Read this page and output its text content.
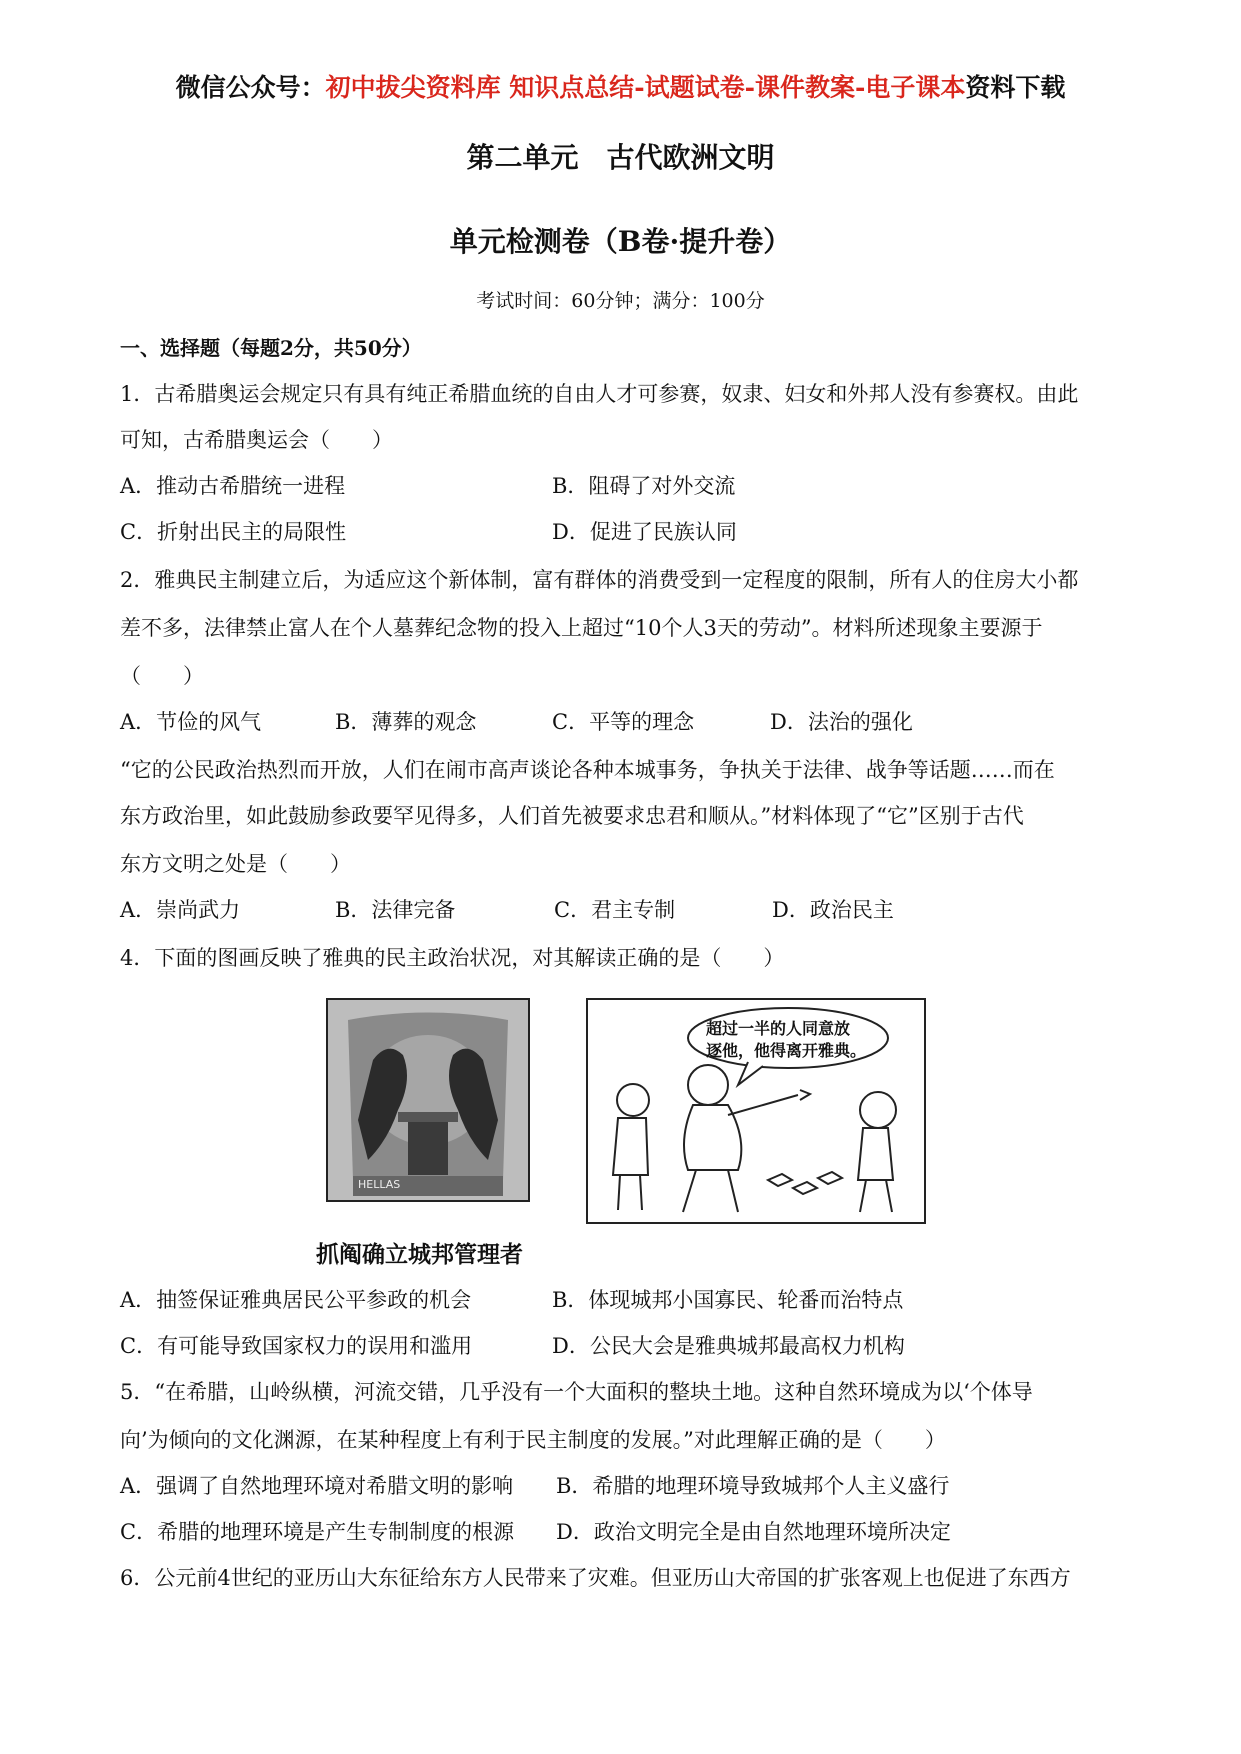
微信公众号：初中拔尖资料库 知识点总结-试题试卷-课件教案-电子课本资料下载
第二单元　古代欧洲文明
单元检测卷（B卷·提升卷）
考试时间：60分钟；满分：100分
一、选择题（每题2分，共50分）
1．古希腊奥运会规定只有具有纯正希腊血统的自由人才可参赛，奴隶、妇女和外邦人没有参赛权。由此
可知，古希腊奥运会（　　）
A．推动古希腊统一进程	B．阻碍了对外交流
C．折射出民主的局限性	D．促进了民族认同
2．雅典民主制建立后，为适应这个新体制，富有群体的消费受到一定程度的限制，所有人的住房大小都
差不多，法律禁止富人在个人墓葬纪念物的投入上超过“10个人3天的劳动”。材料所述现象主要源于
（　　）
A．节俭的风气	B．薄葬的观念	C．平等的理念	D．法治的强化
“它的公民政治热烈而开放，人们在闹市高声谈论各种本城事务，争执关于法律、战争等话题……而在
东方政治里，如此鼓励参政要罕见得多，人们首先被要求忠君和顺从。”材料体现了“它”区别于古代
东方文明之处是（　　）
A．崇尚武力	B．法律完备	C．君主专制	D．政治民主
4．下面的图画反映了雅典的民主政治状况，对其解读正确的是（　　）
HELLAS
抓阄确立城邦管理者
超过一半的人同意放
逐他，他得离开雅典。
A．抽签保证雅典居民公平参政的机会	B．体现城邦小国寡民、轮番而治特点
C．有可能导致国家权力的误用和滥用	D．公民大会是雅典城邦最高权力机构
5．“在希腊，山岭纵横，河流交错，几乎没有一个大面积的整块土地。这种自然环境成为以‘个体导
向’为倾向的文化渊源，在某种程度上有利于民主制度的发展。”对此理解正确的是（　　）
A．强调了自然地理环境对希腊文明的影响 B．希腊的地理环境导致城邦个人主义盛行
C．希腊的地理环境是产生专制制度的根源 D．政治文明完全是由自然地理环境所决定
6．公元前4世纪的亚历山大东征给东方人民带来了灾难。但亚历山大帝国的扩张客观上也促进了东西方
